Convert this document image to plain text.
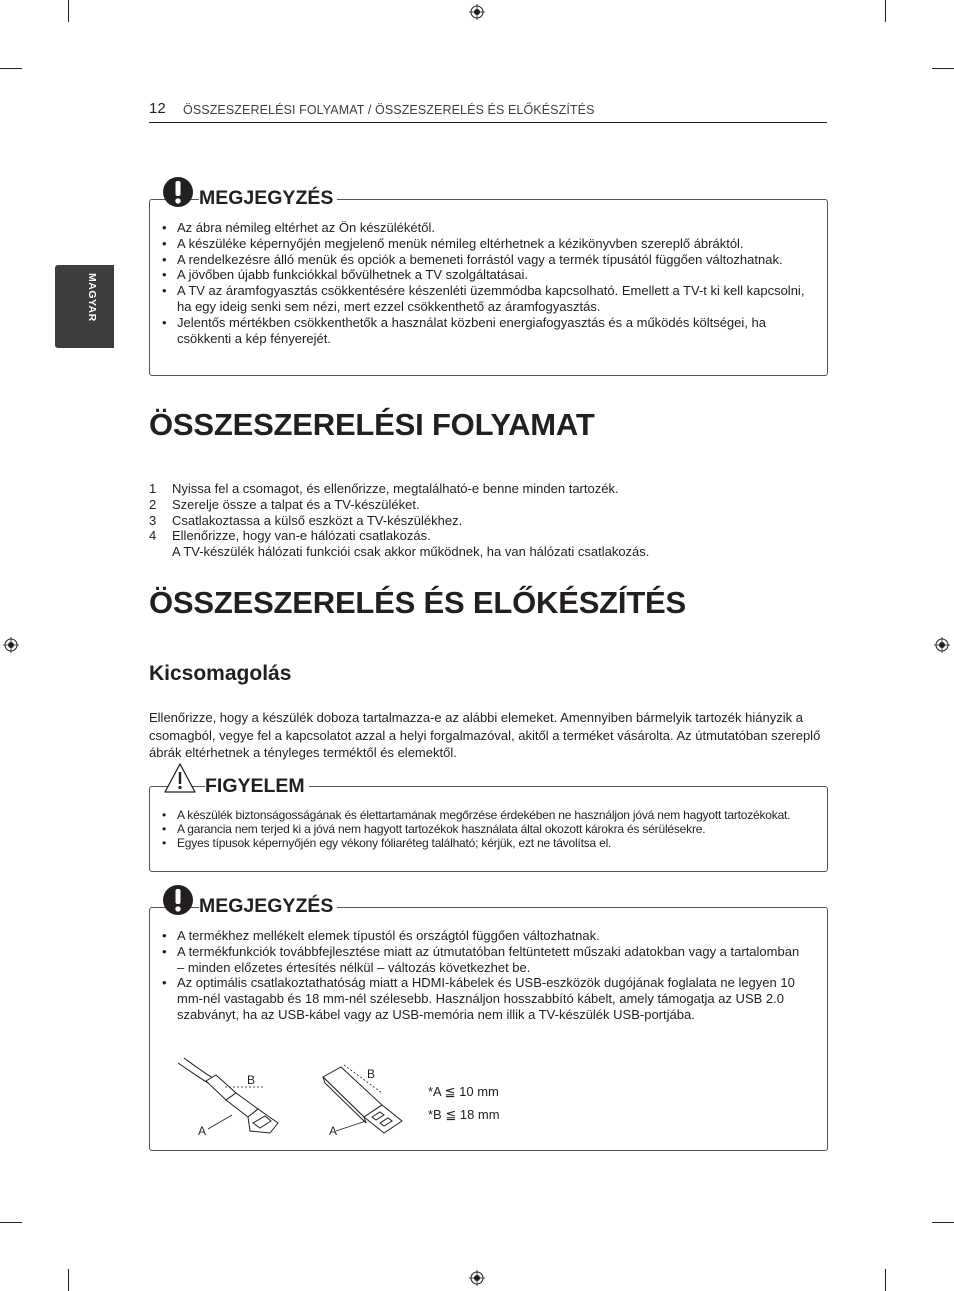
12 ÖSSZESZERELÉSI FOLYAMAT / ÖSSZESZERELÉS ÉS ELŐKÉSZÍTÉS
MAGYAR
MEGJEGYZÉS
• Az ábra némileg eltérhet az Ön készülékétől.
• A készüléke képernyőjén megjelenő menük némileg eltérhetnek a kézikönyvben szereplő ábráktól.
• A rendelkezésre álló menük és opciók a bemeneti forrástól vagy a termék típusától függően változhatnak.
• A jövőben újabb funkciókkal bővülhetnek a TV szolgáltatásai.
• A TV az áramfogyasztás csökkentésére készenléti üzemmódba kapcsolható. Emellett a TV-t ki kell kapcsolni, ha egy ideig senki sem nézi, mert ezzel csökkenthető az áramfogyasztás.
• Jelentős mértékben csökkenthetők a használat közbeni energiafogyasztás és a működés költségei, ha csökkenti a kép fényerejét.
ÖSSZESZERELÉSI FOLYAMAT
1 Nyissa fel a csomagot, és ellenőrizze, megtalálható-e benne minden tartozék.
2 Szerelje össze a talpat és a TV-készüléket.
3 Csatlakoztassa a külső eszközt a TV-készülékhez.
4 Ellenőrizze, hogy van-e hálózati csatlakozás.
A TV-készülék hálózati funkciói csak akkor működnek, ha van hálózati csatlakozás.
ÖSSZESZERELÉS ÉS ELŐKÉSZÍTÉS
Kicsomagolás
Ellenőrizze, hogy a készülék doboza tartalmazza-e az alábbi elemeket. Amennyiben bármelyik tartozék hiányzik a csomagból, vegye fel a kapcsolatot azzal a helyi forgalmazóval, akitől a terméket vásárolta. Az útmutatóban szereplő ábrák eltérhetnek a tényleges terméktől és elemektől.
FIGYELEM
• A készülék biztonságosságának és élettartamának megőrzése érdekében ne használjon jóvá nem hagyott tartozékokat.
• A garancia nem terjed ki a jóvá nem hagyott tartozékok használata által okozott károkra és sérülésekre.
• Egyes típusok képernyőjén egy vékony fóliaréteg található; kérjük, ezt ne távolítsa el.
MEGJEGYZÉS
• A termékhez mellékelt elemek típustól és országtól függően változhatnak.
• A termékfunkciók továbbfejlesztése miatt az útmutatóban feltüntetett műszaki adatokban vagy a tartalomban – minden előzetes értesítés nélkül – változás következhet be.
• Az optimális csatlakoztathatóság miatt a HDMI-kábelek és USB-eszközök dugójának foglalata ne legyen 10 mm-nél vastagabb és 18 mm-nél szélesebb. Használjon hosszabbító kábelt, amely támogatja az USB 2.0 szabványt, ha az USB-kábel vagy az USB-memória nem illik a TV-készülék USB-portjába.
B
A
B
A
*A ≦ 10 mm
*B ≦ 18 mm
